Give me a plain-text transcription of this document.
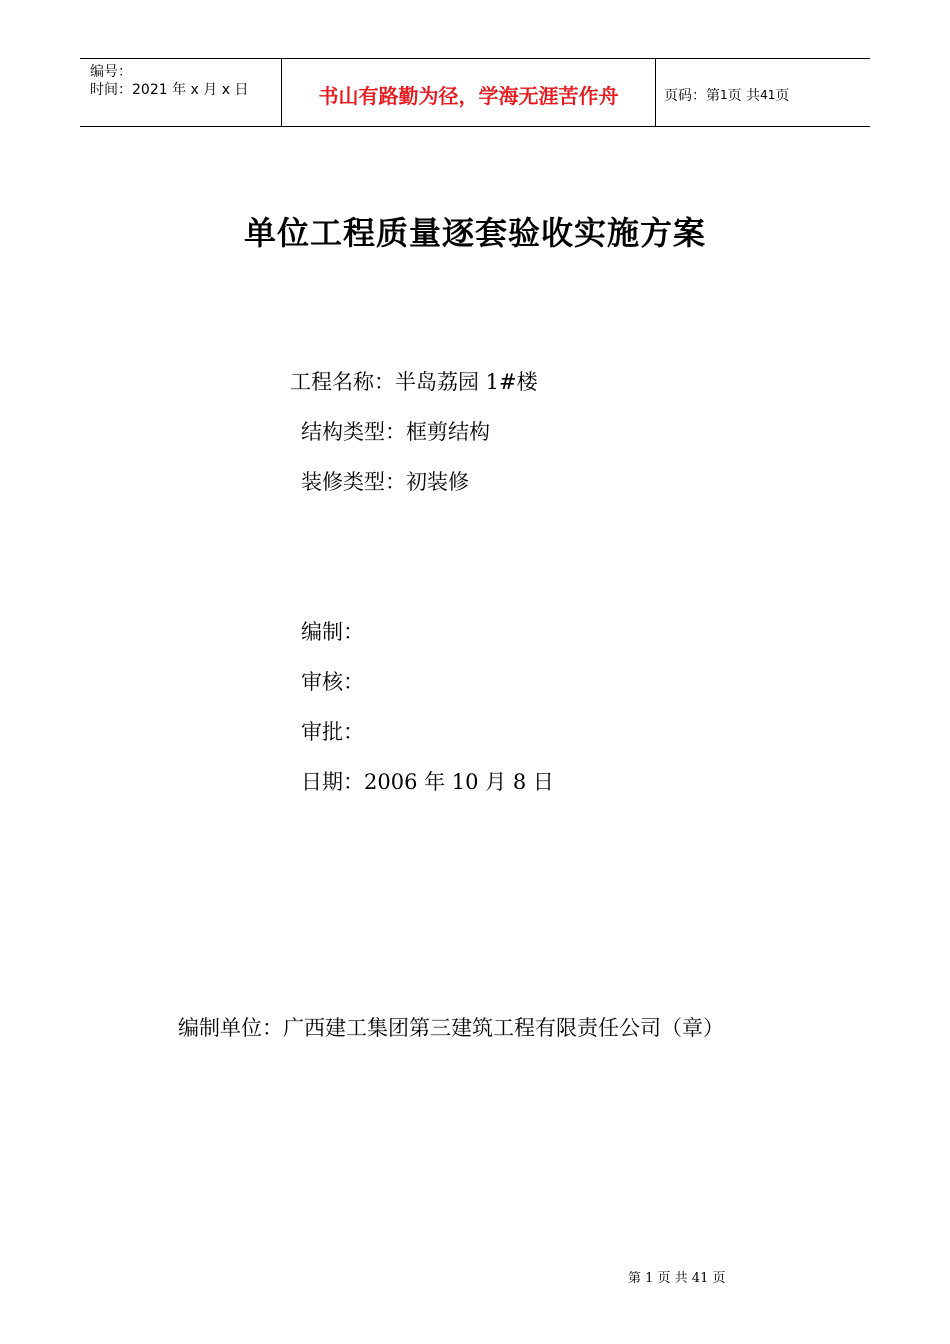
编号：
时间：2021 年 x 月 x 日	书山有路勤为径，学海无涯苦作舟	页码：第 1 页 共 41 页
单位工程质量逐套验收实施方案
工程名称：半岛荔园 1#楼
结构类型：框剪结构
装修类型：初装修
编制：
审核：
审批：
日期：2006 年 10 月 8 日
编制单位：广西建工集团第三建筑工程有限责任公司（章）
第 1 页 共 41 页
